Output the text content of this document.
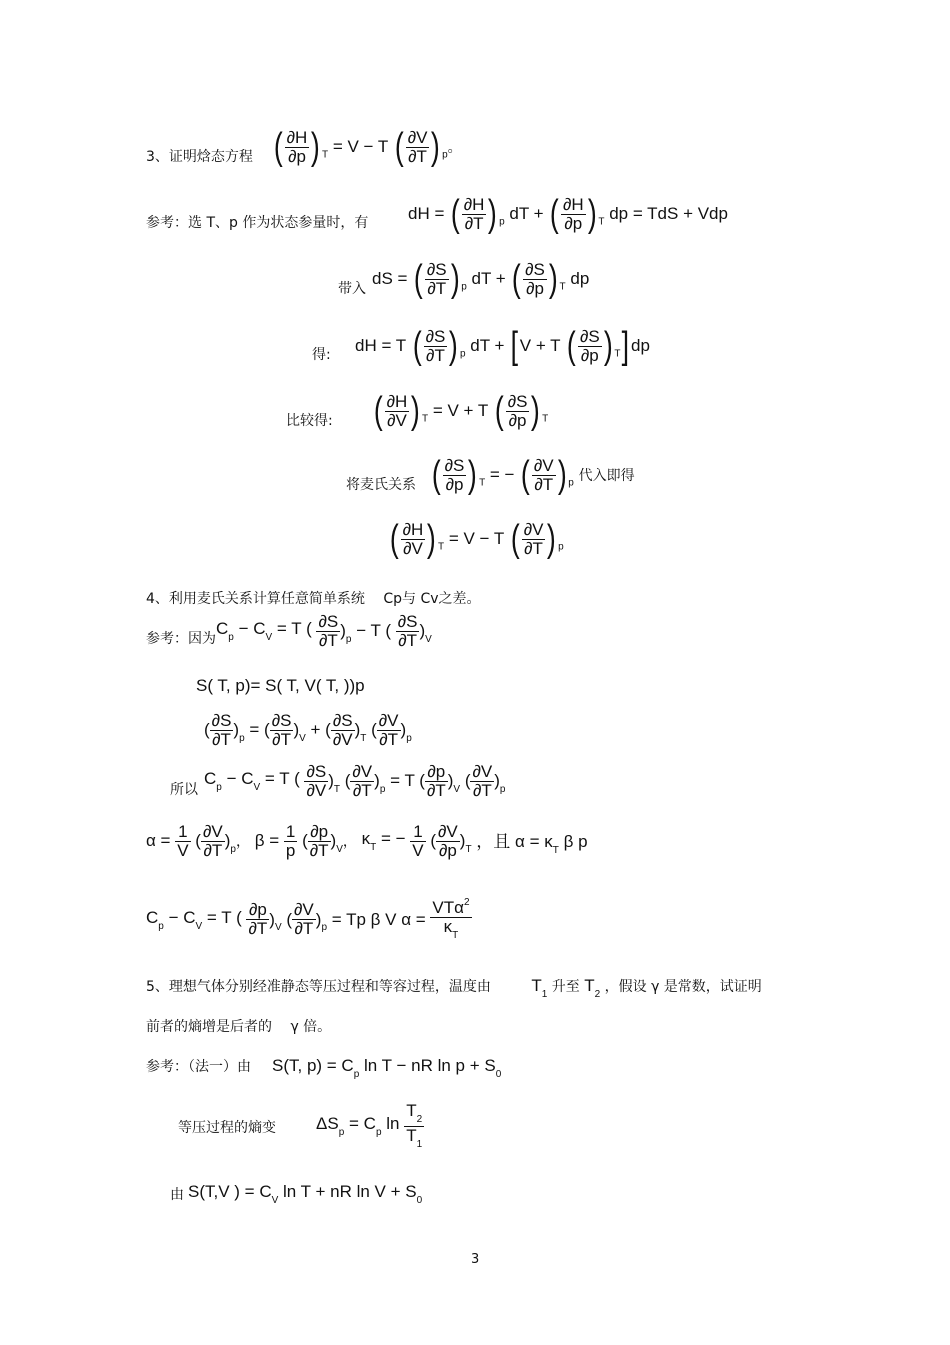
3、证明焓态方程 ( $\frac{\partial H}{\partial p}$ ) $_T$ = V − T ( $\frac{\partial V}{\partial T}$ ) $_p$。
参考：选 T、p 作为状态参量时，有 dH = ( $\frac{\partial H}{\partial T}$ ) $_p$ dT + ( $\frac{\partial H}{\partial p}$ ) $_T$ dp = TdS + Vdp
带入
dS = ( $\frac{\partial S}{\partial T}$ ) $_p$ dT + ( $\frac{\partial S}{\partial p}$ ) $_T$ dp
得: dH = T ( $\frac{\partial S}{\partial T}$ ) $_p$ dT + [V + T ( $\frac{\partial S}{\partial p}$ ) $_T$]dp
比较得: ( $\frac{\partial H}{\partial V}$ ) $_T$ = V + T ( $\frac{\partial S}{\partial p}$ ) $_T$
将麦氏关系 ( $\frac{\partial S}{\partial p}$ ) $_T$ = − ( $\frac{\partial V}{\partial T}$ ) $_p$ 代入即得
( $\frac{\partial H}{\partial V}$ ) $_T$ = V − T ( $\frac{\partial V}{\partial T}$ ) $_p$
4、利用麦氏关系计算任意简单系统　 Cp与 Cv之差。
参考：因为
$C_p - C_V = T$ ( $\frac{\partial S}{\partial T} )_p - T$ ( $\frac{\partial S}{\partial T} )_V$
S( T, p)= S( T, V( T, ))p
( $\frac{\partial S}{\partial T} )_p$ = ( $\frac{\partial S}{\partial T} )_V$ + ( $\frac{\partial S}{\partial V} )_T$ ( $\frac{\partial V}{\partial T} )_p$
所以
$C_p - C_V = T$ ( $\frac{\partial S}{\partial V} )_T$ ( $\frac{\partial V}{\partial T} )_p = T$ ( $\frac{\partial p}{\partial T} )_V$ ( $\frac{\partial V}{\partial T} )_p$
$\alpha = \frac{1}{V}$ ( $\frac{\partial V}{\partial T} )_p$， $\beta = \frac{1}{p}$ ( $\frac{\partial p}{\partial T} )_V$， $\kappa_T$ = − $\frac{1}{V}$ ( $\frac{\partial V}{\partial p} )_T$ ，且 $\alpha = \kappa_T$ β p
$C_p - C_V = T$ ( $\frac{\partial p}{\partial T} )_V$ ( $\frac{\partial V}{\partial T} )_p = Tp$ β V $\alpha = \frac{VT\alpha^2}{\kappa_T}$
5、理想气体分别经准静态等压过程和等容过程，温度由 $T_1$ 升至 $T_2$ ，假设 γ 是常数，试证明
前者的熵增是后者的 　γ 倍。
参考：（法一）由 S(T, $p) = C_p$ ln T − nR $\ln p + S_0$
等压过程的熵变 $\Delta S_p = C_p$ $\ln \frac{T_2}{T_1}$
由 S(T,V ) = $C_V$ ln T + nR $\ln V + S_0$
3
